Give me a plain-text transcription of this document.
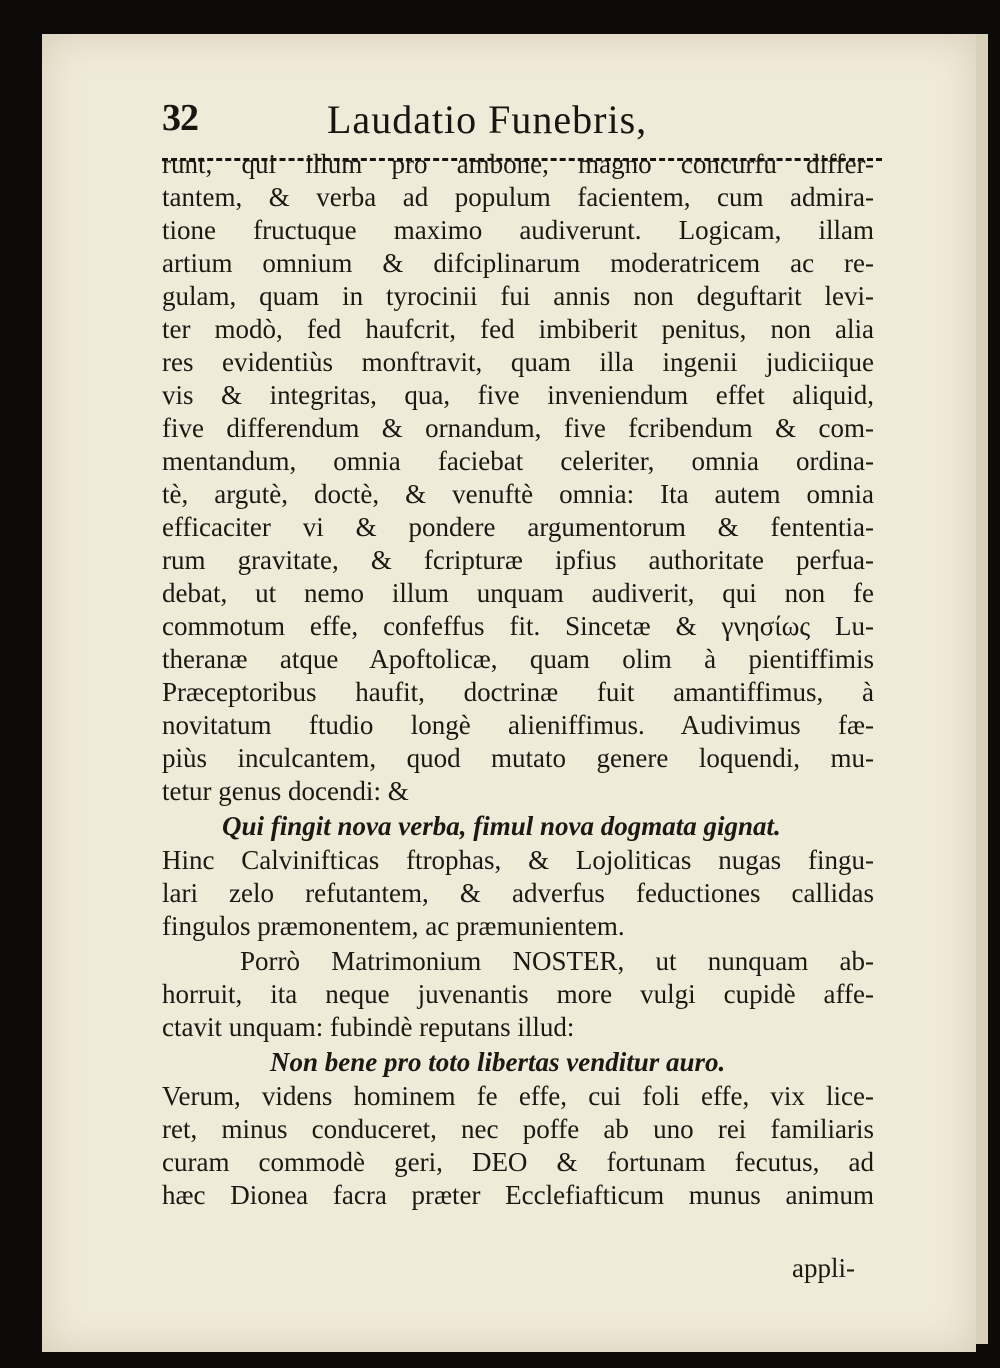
32	Laudatio Funebris,
runt, qui illum pro ambone, magno concurfu differ-
tantem, & verba ad populum facientem, cum admira-
tione fructuque maximo audiverunt. Logicam, illam
artium omnium & difciplinarum moderatricem ac re-
gulam, quam in tyrocinii fui annis non deguftarit levi-
ter modò, fed haufcrit, fed imbiberit penitus, non alia
res evidentiùs monftravit, quam illa ingenii judiciique
vis & integritas, qua, five inveniendum effet aliquid,
five differendum & ornandum, five fcribendum & com-
mentandum, omnia faciebat celeriter, omnia ordina-
tè, argutè, doctè, & venuftè omnia: Ita autem omnia
efficaciter vi & pondere argumentorum & fententia-
rum gravitate, & fcripturæ ipfius authoritate perfua-
debat, ut nemo illum unquam audiverit, qui non fe
commotum effe, confeffus fit. Sincetæ & γνησίως Lu-
theranæ atque Apoftolicæ, quam olim à pientiffimis
Præceptoribus haufit, doctrinæ fuit amantiffimus, à
novitatum ftudio longè alieniffimus. Audivimus fæ-
piùs inculcantem, quod mutato genere loquendi, mu-
tetur genus docendi: &
Qui fingit nova verba, fimul nova dogmata gignat.
Hinc Calvinifticas ftrophas, & Lojoliticas nugas fingu-
lari zelo refutantem, & adverfus feductiones callidas
fingulos præmonentem, ac præmunientem.
Porrò Matrimonium NOSTER, ut nunquam ab-
horruit, ita neque juvenantis more vulgi cupidè affe-
ctavit unquam: fubindè reputans illud:
Non bene pro toto libertas venditur auro.
Verum, videns hominem fe effe, cui foli effe, vix lice-
ret, minus conduceret, nec poffe ab uno rei familiaris
curam commodè geri, DEO & fortunam fecutus, ad
hæc Dionea facra præter Ecclefiafticum munus animum
appli-
